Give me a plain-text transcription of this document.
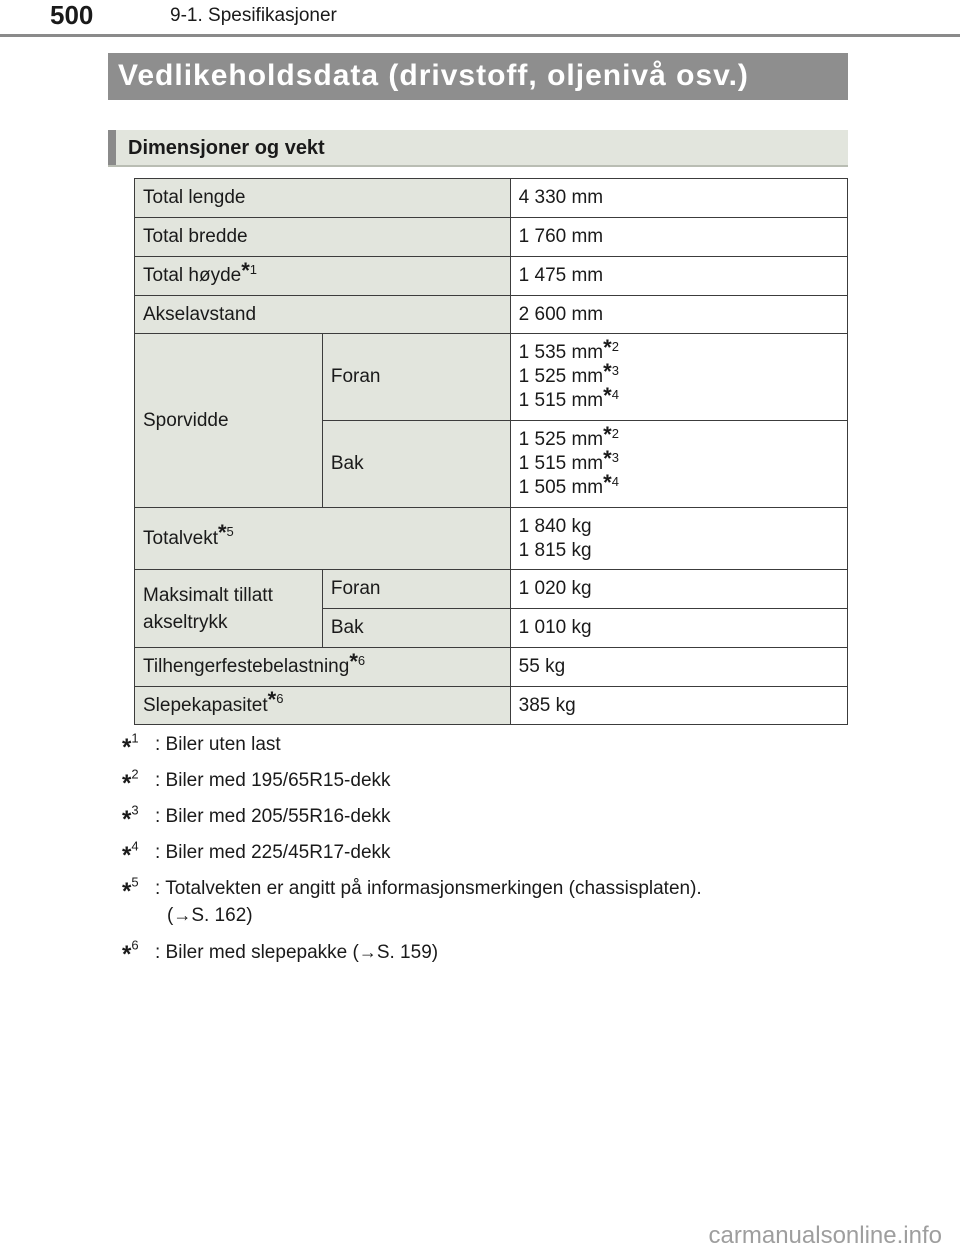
500	9-1. Spesifikasjoner
Vedlikeholdsdata (drivstoff, oljenivå osv.)
Dimensjoner og vekt
Total lengde		4 330 mm
Total bredde		1 760 mm
Total høyde$^{*1}$		1 475 mm
Akselavstand		2 600 mm
Sporvidde	Foran	1 535 $mm^{*2}$
1 525 $mm^{*3}$
1 515 $mm^{*4}$

	Bak	1 525 $mm^{*2}$
1 515 $mm^{*3}$
1 505 $mm^{*4}$

Totalvekt$^{*5}$		1 840 kg
1 815 kg

Maksimalt tillatt
akseltrykk	Foran	1 020 kg
	Bak	1 010 kg
Tilhengerfestebelastning$^{*6}$		55 kg
Slepekapasitet$^{*6}$		385 kg
*$^1$ : Biler uten last
*$^2$ : Biler med 195/65R15-dekk
*$^3$ : Biler med 205/55R16-dekk
*$^4$ : Biler med 225/45R17-dekk
*$^5$ : Totalvekten er angitt på informasjonsmerkingen (chassisplaten).
(→S. 162)
*$^6$ : Biler med slepepakke (→S. 159)
carmanualsonline.info
